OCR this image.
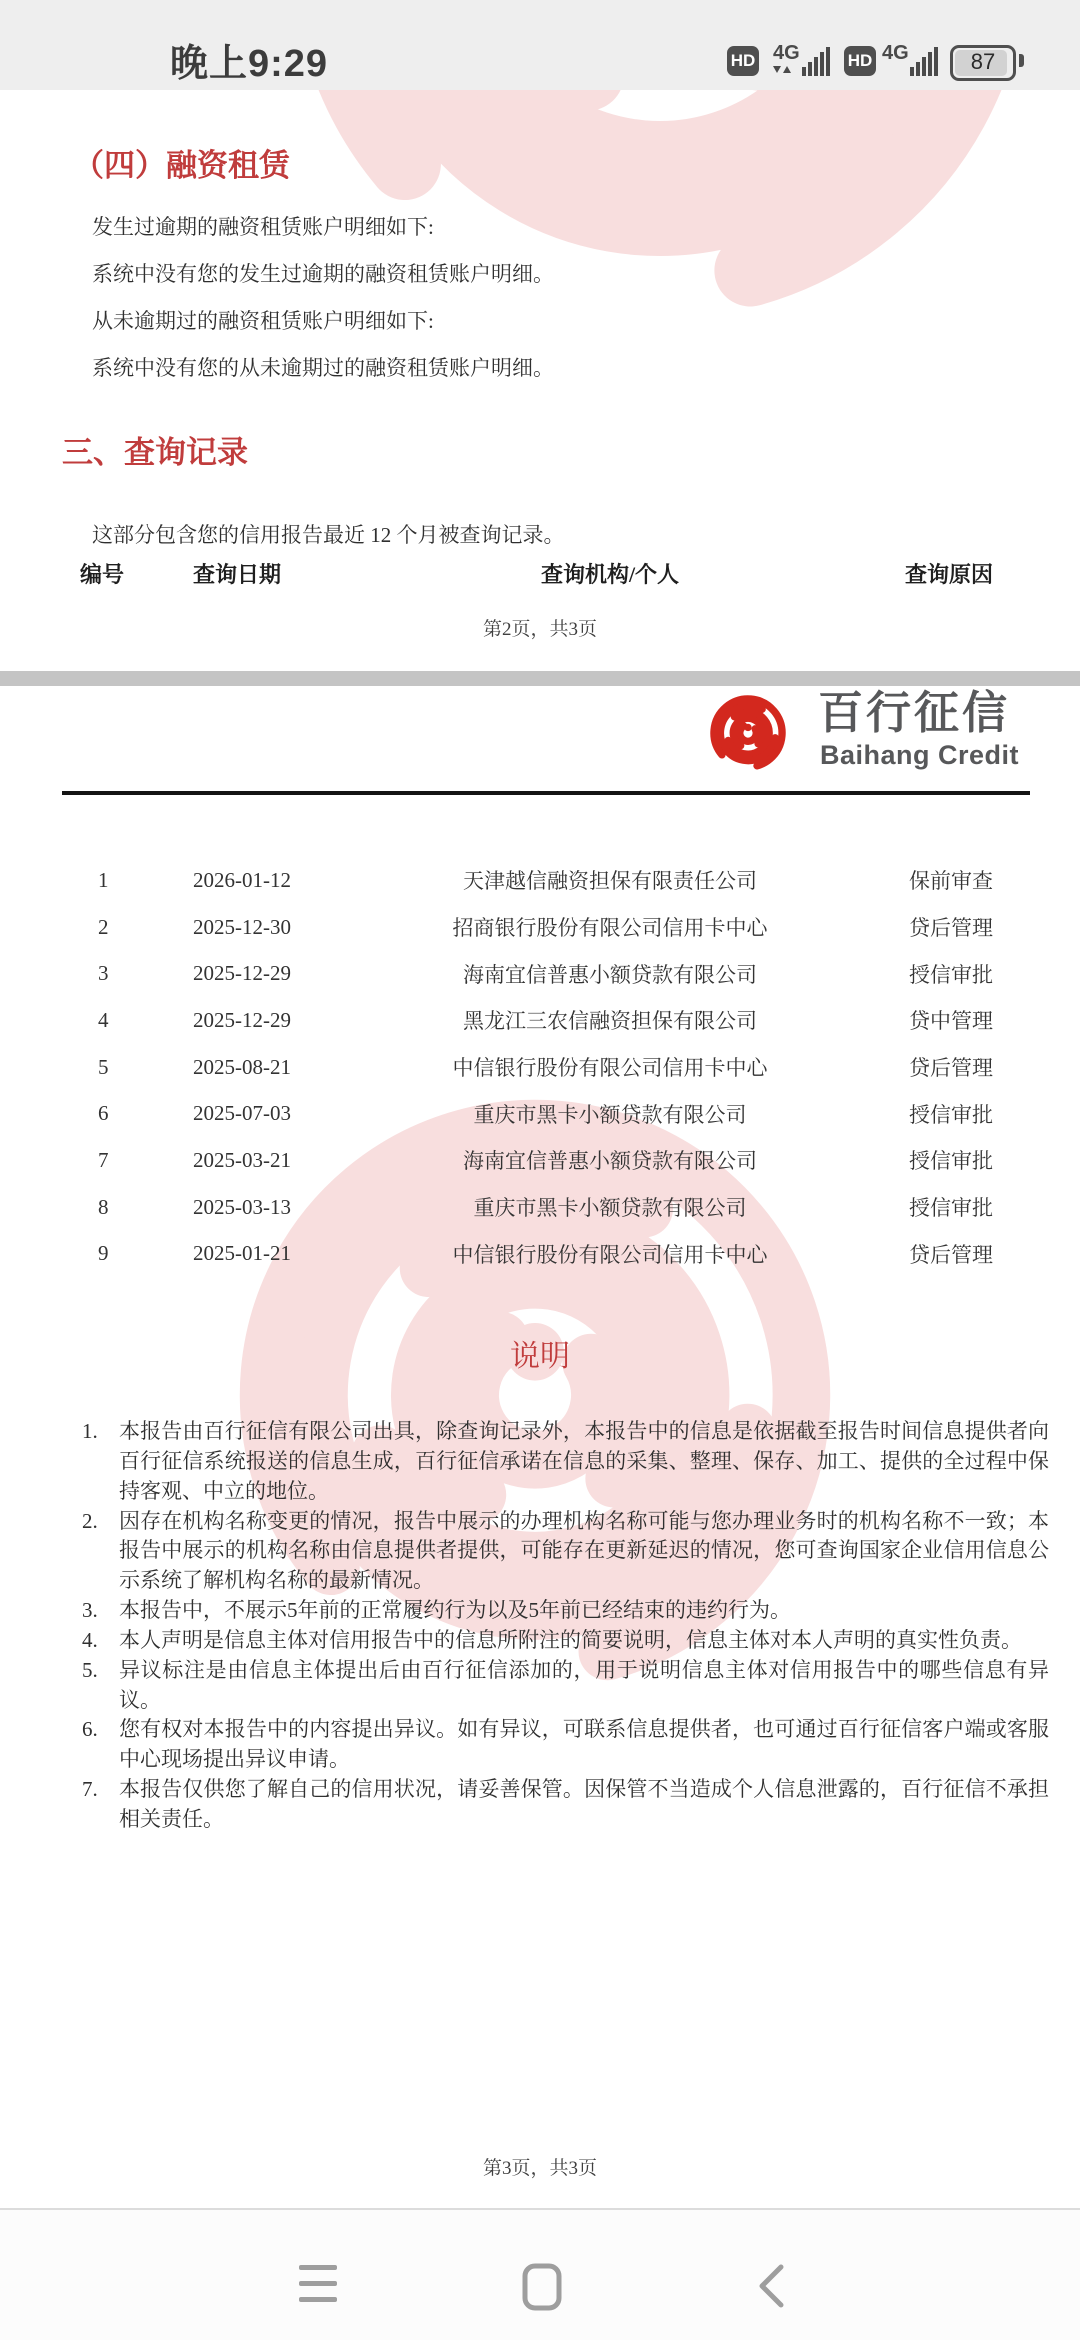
晚上9:29	HD 4G	HD 4G	87
（四）融资租赁
发生过逾期的融资租赁账户明细如下:
系统中没有您的发生过逾期的融资租赁账户明细。
从未逾期过的融资租赁账户明细如下:
系统中没有您的从未逾期过的融资租赁账户明细。
三、查询记录
这部分包含您的信用报告最近 12 个月被查询记录。
编号	查询日期	查询机构/个人	查询原因
第2页，共3页
百行征信
Baihang Credit
1	2026-01-12	天津越信融资担保有限责任公司	保前审查
2	2025-12-30	招商银行股份有限公司信用卡中心	贷后管理
3	2025-12-29	海南宜信普惠小额贷款有限公司	授信审批
4	2025-12-29	黑龙江三农信融资担保有限公司	贷中管理
5	2025-08-21	中信银行股份有限公司信用卡中心	贷后管理
6	2025-07-03	重庆市黑卡小额贷款有限公司	授信审批
7	2025-03-21	海南宜信普惠小额贷款有限公司	授信审批
8	2025-03-13	重庆市黑卡小额贷款有限公司	授信审批
9	2025-01-21	中信银行股份有限公司信用卡中心	贷后管理
说明
1.	本报告由百行征信有限公司出具，除查询记录外，本报告中的信息是依据截至报告时间信息提供者向百行征信系统报送的信息生成，百行征信承诺在信息的采集、整理、保存、加工、提供的全过程中保持客观、中立的地位。
2.	因存在机构名称变更的情况，报告中展示的办理机构名称可能与您办理业务时的机构名称不一致；本报告中展示的机构名称由信息提供者提供，可能存在更新延迟的情况，您可查询国家企业信用信息公示系统了解机构名称的最新情况。
3.	本报告中，不展示5年前的正常履约行为以及5年前已经结束的违约行为。
4.	本人声明是信息主体对信用报告中的信息所附注的简要说明，信息主体对本人声明的真实性负责。
5.	异议标注是由信息主体提出后由百行征信添加的，用于说明信息主体对信用报告中的哪些信息有异议。
6.	您有权对本报告中的内容提出异议。如有异议，可联系信息提供者，也可通过百行征信客户端或客服中心现场提出异议申请。
7.	本报告仅供您了解自己的信用状况，请妥善保管。因保管不当造成个人信息泄露的，百行征信不承担相关责任。
第3页，共3页
